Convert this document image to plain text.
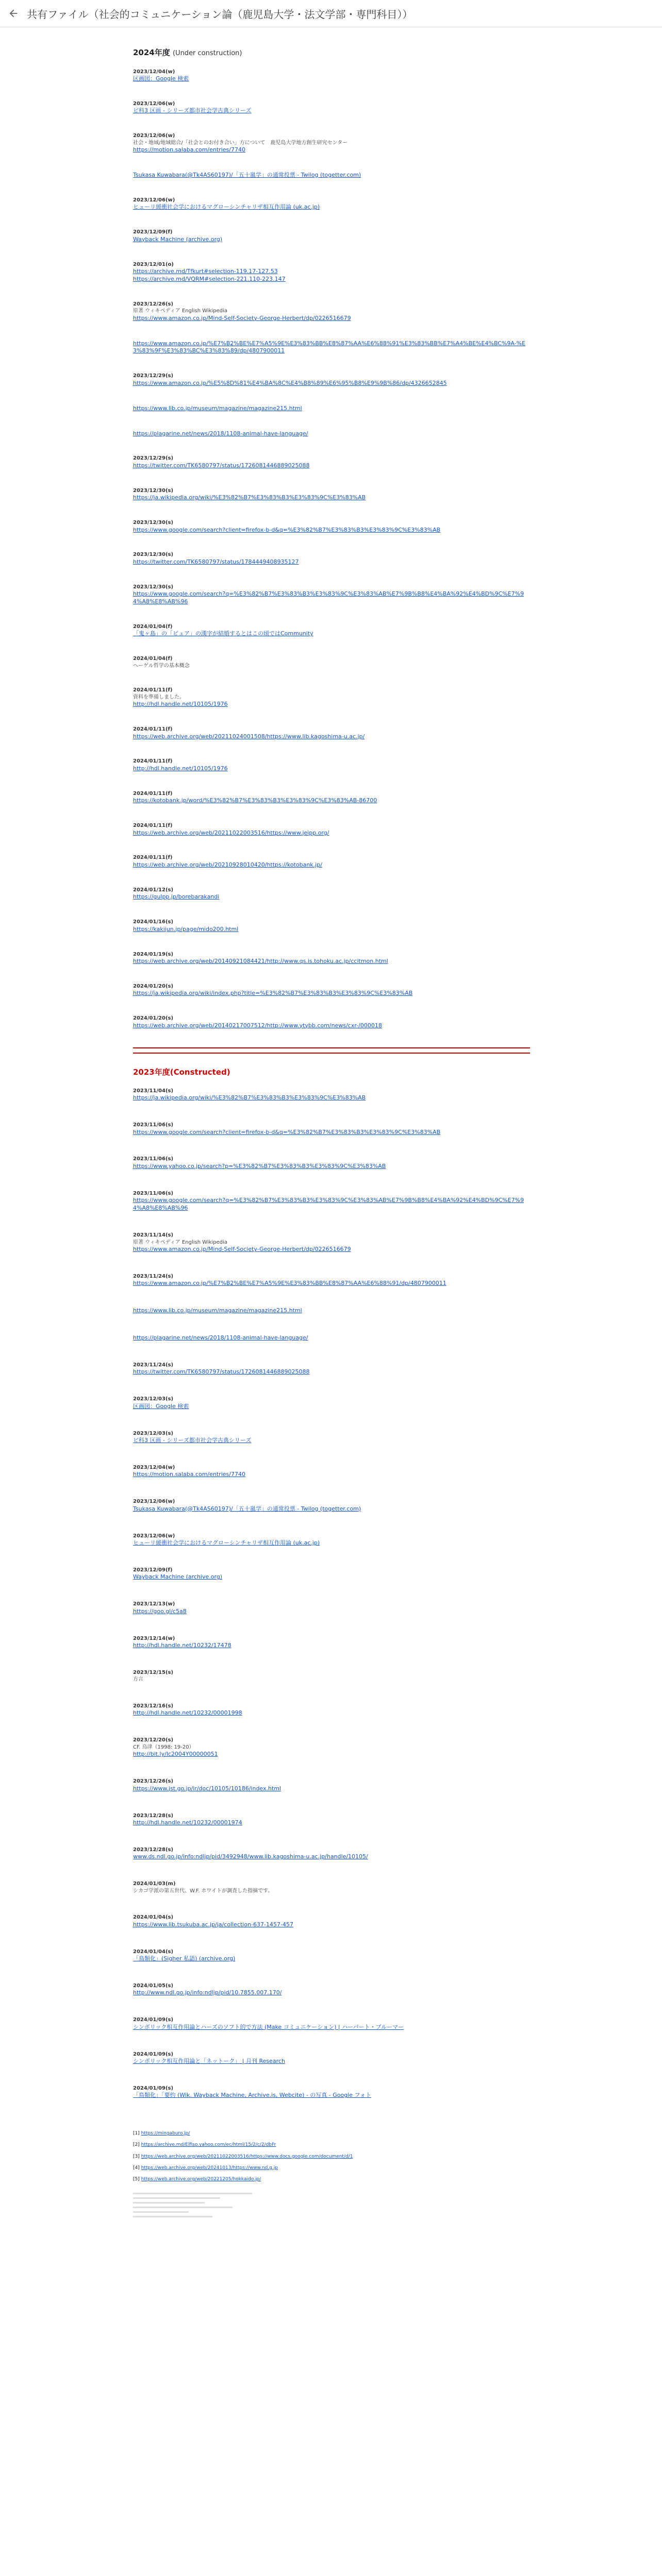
共有ファイル（社会的コミュニケーション論（鹿児島大学・法文学部・専門科目））
2024年度 (Under construction)
2023/12/04(w)
区画図：Google 検索
2023/12/06(w)
ビ科3 区画 - シリーズ都市社会学古典シリーズ
2023/12/06(w)
社会・地域/地域総合/「社会とのお付き合い」方について　鹿児島大学地方創生研究センター
https://motion.salaba.com/entries/7740
Tsukasa Kuwabara(@Tk4AS60197)/「五十嵐学」の通常投票 - Twilog (togetter.com)
2023/12/06(w)
ヒューリ緩衝社会学におけるマグローシンチャリザ相互作用論 (uk.ac.jp)
2023/12/09(f)
Wayback Machine (archive.org)
2023/12/01(o)
https://archive.md/Tfkurt#selection-119.17-127.53
https://archive.md/VQRM#selection-221.110-223.147
2023/12/26(s)
原著 ウィキペディア English Wikipedia
https://www.amazon.co.jp/Mind-Self-Society-George-Herbert/dp/0226516679
https://www.amazon.co.jp/%E7%B2%BE%E7%A5%9E%E3%83%BB%E8%87%AA%E6%88%91%E3%83%BB%E7%A4%BE%E4%BC%9A-%E3%83%9F%E3%83%BC%E3%83%89/dp/4807900011
2023/12/29(s)
https://www.amazon.co.jp/%E5%8D%81%E4%BA%8C%E4%B8%89%E6%95%B8%E9%9B%86/dp/4326652845
https://www.lib.co.jp/museum/magazine/magazine215.html
https://plagarine.net/news/2018/1108-animal-have-language/
2023/12/29(s)
https://twitter.com/TK6580797/status/1726081446889025088
2023/12/30(s)
https://ja.wikipedia.org/wiki/%E3%82%B7%E3%83%B3%E3%83%9C%E3%83%AB
2023/12/30(s)
https://www.google.com/search?client=firefox-b-d&q=%E3%82%B7%E3%83%B3%E3%83%9C%E3%83%AB
2023/12/30(s)
https://twitter.com/TK6580797/status/1784449408935127
2023/12/30(s)
https://www.google.com/search?q=%E3%82%B7%E3%83%B3%E3%83%9C%E3%83%AB%E7%9B%B8%E4%BA%92%E4%BD%9C%E7%94%A8%E8%AB%96
2024/01/04(f)
「鬼ヶ島」の「ピュア」の漢字が結婚するとはこの頃ではCommunity
2024/01/04(f)
ヘーゲル哲学の基本概念
2024/01/11(f)
資料を準備しました。
http://hdl.handle.net/10105/1976
2024/01/11(f)
https://web.archive.org/web/20211024001508/https://www.lib.kagoshima-u.ac.jp/
2024/01/11(f)
http://hdl.handle.net/10105/1976
2024/01/11(f)
https://kotobank.jp/word/%E3%82%B7%E3%83%B3%E3%83%9C%E3%83%AB-86700
2024/01/11(f)
https://web.archive.org/web/20211022003516/https://www.jeipp.org/
2024/01/11(f)
https://web.archive.org/web/20210928010420/https://kotobank.jp/
2024/01/12(s)
https://gulpp.jp/borebarakandi
2024/01/16(s)
https://kakijun.jp/page/mido200.html
2024/01/19(s)
https://web.archive.org/web/20140921084421/http://www.qs.is.tohoku.ac.jp/ccitmon.html
2024/01/20(s)
https://ja.wikipedia.org/wiki/index.php?title=%E3%82%B7%E3%83%B3%E3%83%9C%E3%83%AB
2024/01/20(s)
https://web.archive.org/web/20140217007512/http://www.ytybb.com/news/cxr-/000018
2023年度(Constructed)
2023/11/04(s)
https://ja.wikipedia.org/wiki/%E3%82%B7%E3%83%B3%E3%83%9C%E3%83%AB
2023/11/06(s)
https://www.google.com/search?client=firefox-b-d&q=%E3%82%B7%E3%83%B3%E3%83%9C%E3%83%AB
2023/11/06(s)
https://www.yahoo.co.jp/search?p=%E3%82%B7%E3%83%B3%E3%83%9C%E3%83%AB
2023/11/06(s)
https://www.google.com/search?q=%E3%82%B7%E3%83%B3%E3%83%9C%E3%83%AB%E7%9B%B8%E4%BA%92%E4%BD%9C%E7%94%A8%E8%AB%96
2023/11/14(s)
原著 ウィキペディア English Wikipedia
https://www.amazon.co.jp/Mind-Self-Society-George-Herbert/dp/0226516679
2023/11/24(s)
https://www.amazon.co.jp/%E7%B2%BE%E7%A5%9E%E3%83%BB%E8%87%AA%E6%88%91/dp/4807900011
https://www.lib.co.jp/museum/magazine/magazine215.html
https://plagarine.net/news/2018/1108-animal-have-language/
2023/11/24(s)
https://twitter.com/TK6580797/status/1726081446889025088
2023/12/03(s)
区画図：Google 検索
2023/12/03(s)
ビ科3 区画 - シリーズ都市社会学古典シリーズ
2023/12/04(w)
https://motion.salaba.com/entries/7740
2023/12/06(w)
Tsukasa Kuwabara(@Tk4AS60197)/「五十嵐学」の通常投票 - Twilog (togetter.com)
2023/12/06(w)
ヒューリ緩衝社会学におけるマグローシンチャリザ相互作用論 (uk.ac.jp)
2023/12/09(f)
Wayback Machine (archive.org)
2023/12/13(w)
https://goo.gl/c5a8
2023/12/14(w)
http://hdl.handle.net/10232/17478
2023/12/15(s)
方言
2023/12/16(s)
http://hdl.handle.net/10232/00001998
2023/12/20(s)
CF. 鳥津（1998: 19-20）
http://bit.ly/lc2004Y00000051
2023/12/26(s)
https://www.jst.go.jp/ir/doc/10105/10186/index.html
2023/12/28(s)
http://hdl.handle.net/10232/00001974
2023/12/28(s)
www.ds.ndl.go.jp/info:ndljp/pid/3492948/www.lib.kagoshima-u.ac.jp/handle/10105/
2024/01/03(m)
シカゴ学派の第五世代、W.F. ホワイトが調査した指摘です。
2024/01/04(s)
https://www.lib.tsukuba.ac.jp/ja/collection-637-1457-457
2024/01/04(s)
「鳥類化」(Sigher 私語) (archive.org)
2024/01/05(s)
http://www.ndl.go.jp/info:ndljp/pid/10.7855.007.170/
2024/01/09(s)
シンボリック相互作用論とハーズのソフト的で方法 (Make コミュニケーション) | ハーバート・ブルーマー
2024/01/09(s)
シンボリック相互作用論と「ネットーク」 | 月刊 Research
2024/01/09(s)
「鳥類化」「要約 (Wik. Wayback Machine, Archive.is, Webcite) - の写真 - Google フォト
[1] https://mingaburo.jp/
[2] https://archive.md/Elfiso.yahoo.com/ec/html/15/2/c/2/dbFr
[3] https://web.archive.org/web/20211022003516/https://www.docs.google.com/document/d/1
[4] https://web.archive.org/web/20241013/https://www.nd.g.jp
[5] https://web.archive.org/web/20221205/hokkaido.jp/
